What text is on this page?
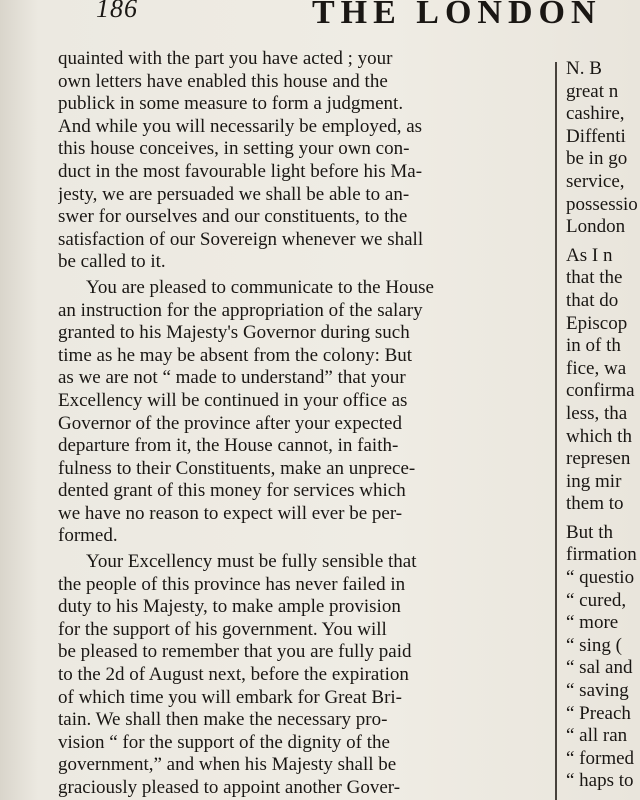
186	THE LONDON

quainted with the part you have acted ; your
own letters have enabled this house and the
publick in some measure to form a judgment.
And while you will necessarily be employed, as
this house conceives, in setting your own con-
duct in the most favourable light before his Ma-
jesty, we are persuaded we shall be able to an-
swer for ourselves and our constituents, to the
satisfaction of our Sovereign whenever we shall
be called to it.

You are pleased to communicate to the House
an instruction for the appropriation of the salary
granted to his Majesty's Governor during such
time as he may be absent from the colony: But
as we are not “ made to understand” that your
Excellency will be continued in your office as
Governor of the province after your expected
departure from it, the House cannot, in faith-
fulness to their Constituents, make an unprece-
dented grant of this money for services which
we have no reason to expect will ever be per-
formed.

Your Excellency must be fully sensible that
the people of this province has never failed in
duty to his Majesty, to make ample provision
for the support of his government. You will
be pleased to remember that you are fully paid
to the 2d of August next, before the expiration
of which time you will embark for Great Bri-
tain. We shall then make the necessary pro-
vision “ for the support of the dignity of the
government,” and when his Majesty shall be
graciously pleased to appoint another Gover-

N. B
great n
cashire,
Diffenti
be in go
service,
possessio
London
As I n
that the
that do
Episcop
in of th
fice, wa
confirma
less, tha
which th
represen
ing mir
them to
But th
firmation
“ questio
“ cured,
“ more
“ sing (
“ sal and
“ saving
“ Preach
“ all ran
“ formed
“ haps to
